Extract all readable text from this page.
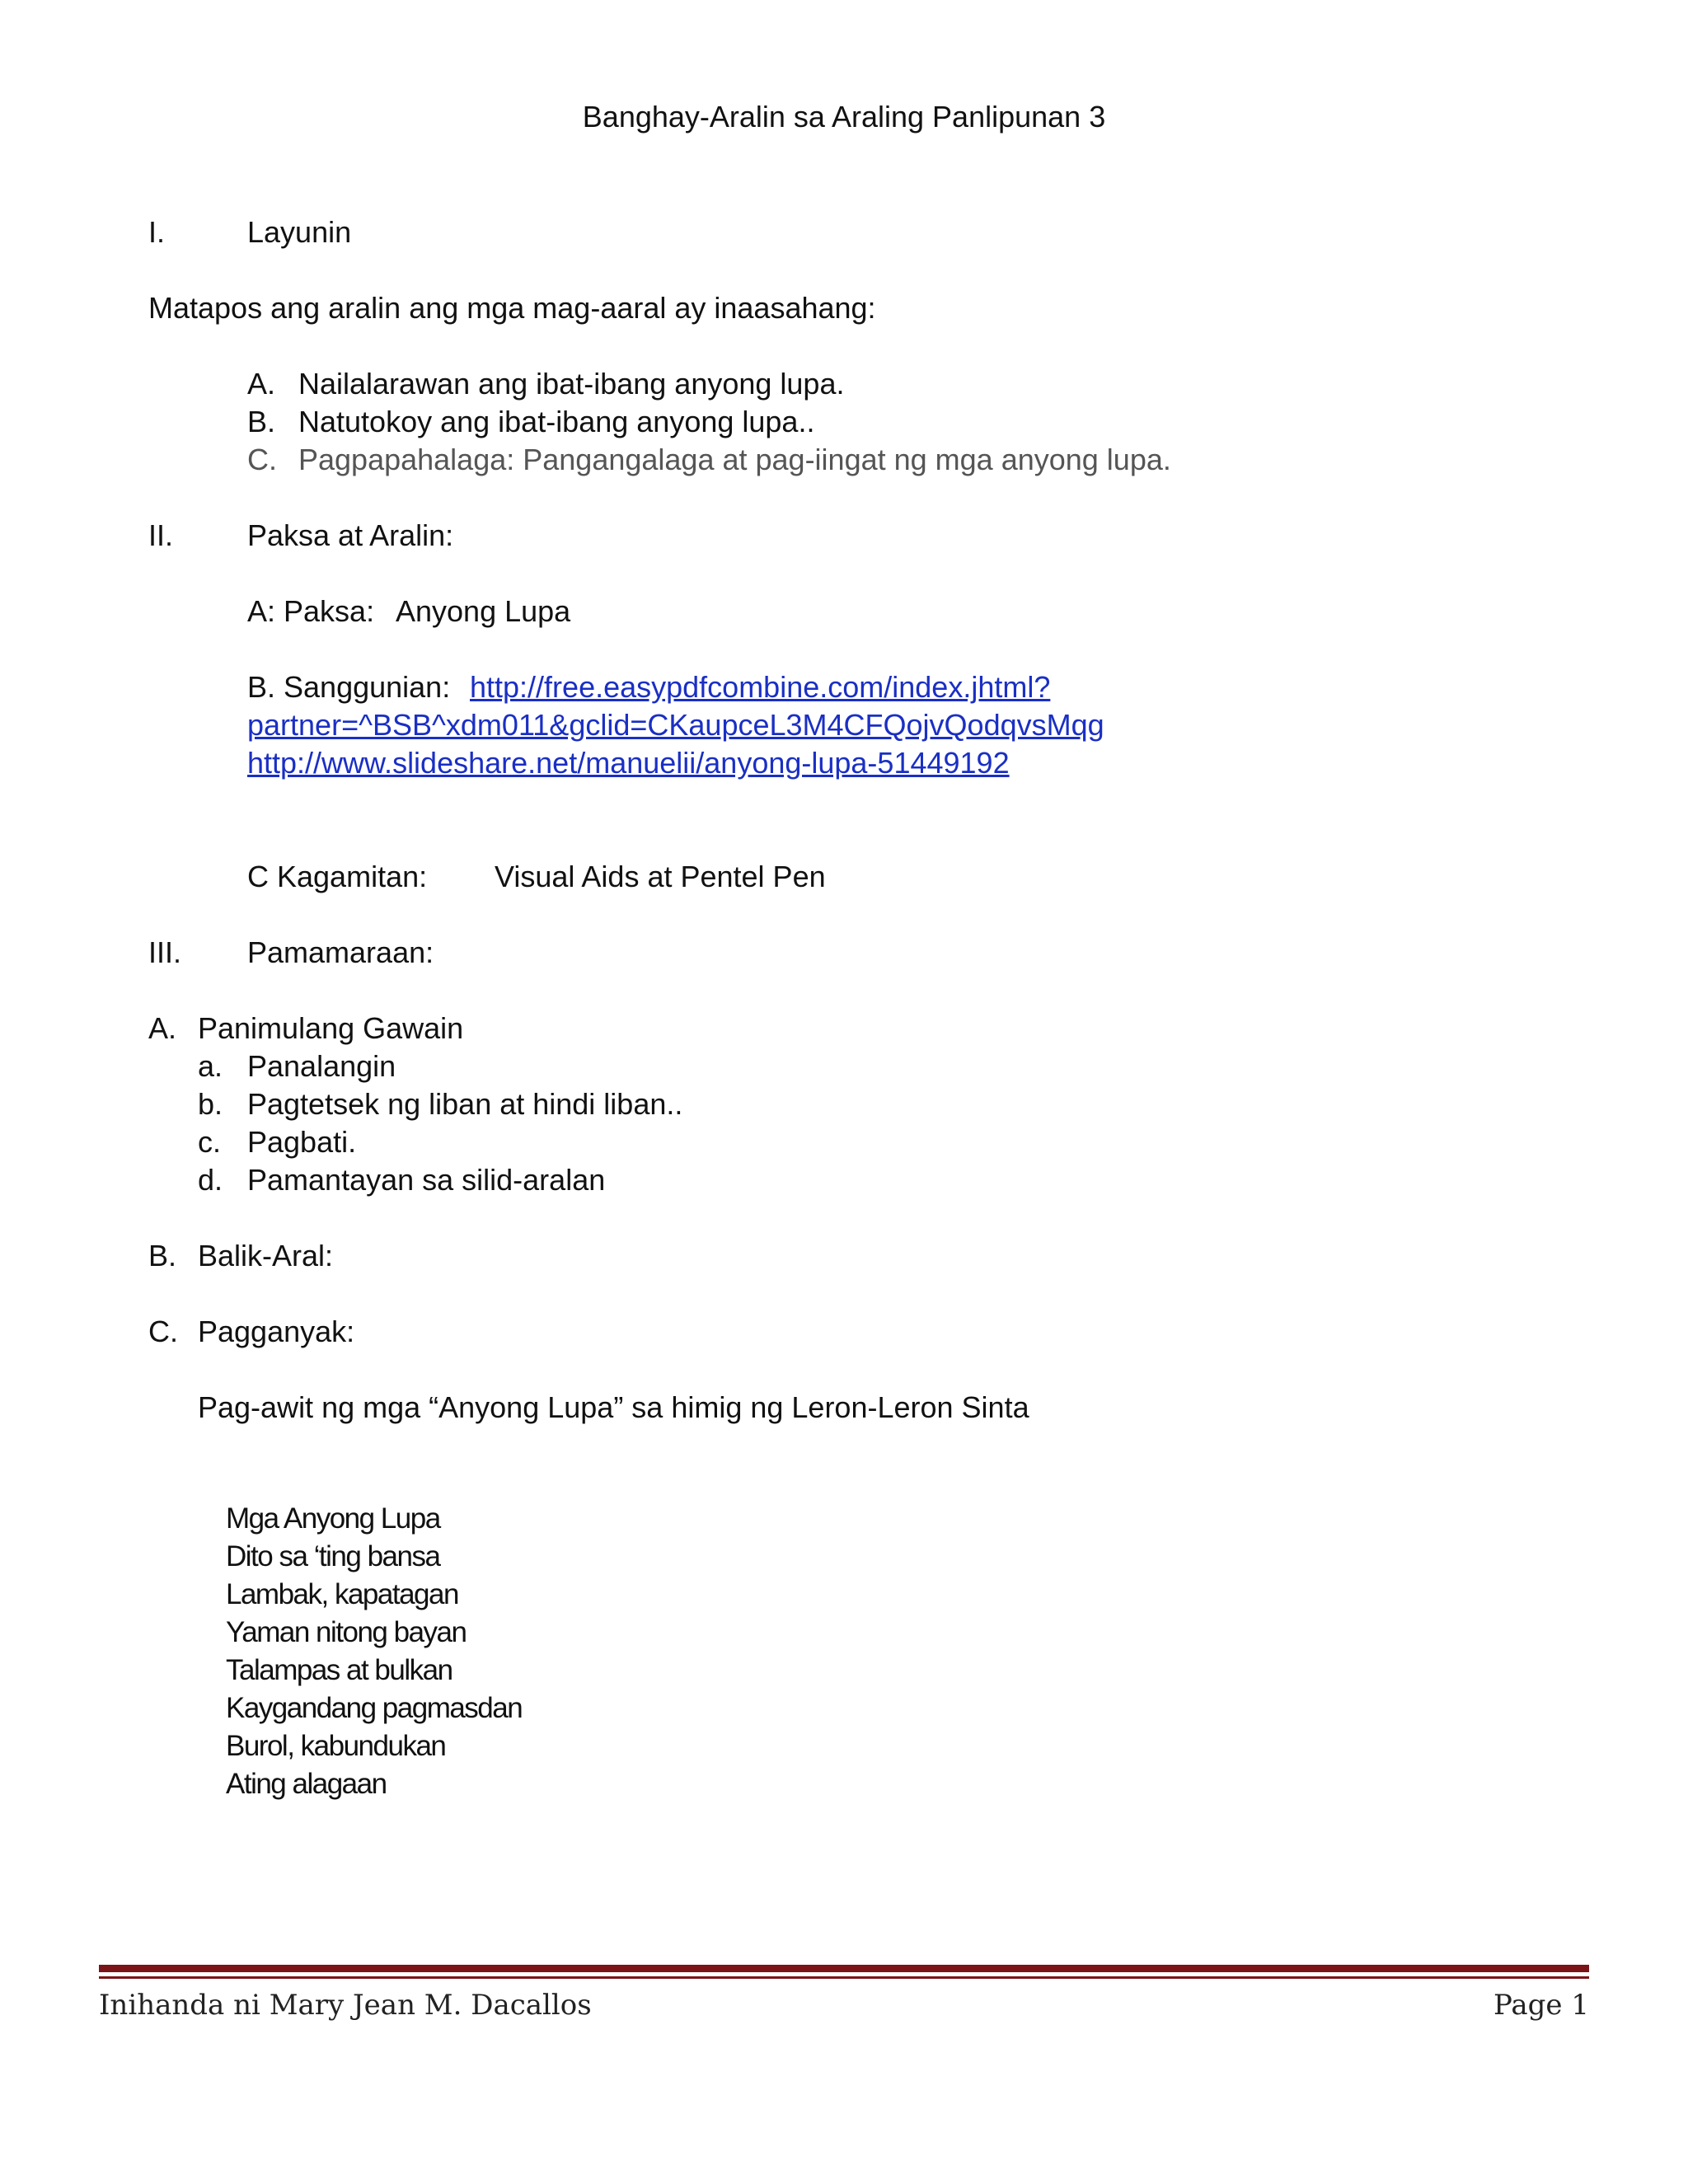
Banghay-Aralin sa Araling Panlipunan 3
I.	Layunin
Matapos ang aralin ang mga mag-aaral ay inaasahang:
A. Nailalarawan ang ibat-ibang anyong lupa.
B. Natutokoy ang ibat-ibang anyong lupa..
C. Pagpapahalaga: Pangangalaga at pag-iingat ng mga anyong lupa.
II. Paksa at Aralin:
A: Paksa: Anyong Lupa
B. Sanggunian: http://free.easypdfcombine.com/index.jhtml?
partner=^BSB^xdm011&gclid=CKaupceL3M4CFQojvQodqvsMqg
http://www.slideshare.net/manuelii/anyong-lupa-51449192
C Kagamitan: Visual Aids at Pentel Pen
III. Pamamaraan:
A. Panimulang Gawain
a. Panalangin
b. Pagtetsek ng liban at hindi liban..
c. Pagbati.
d. Pamantayan sa silid-aralan
B. Balik-Aral:
C. Pagganyak:
Pag-awit ng mga “Anyong Lupa” sa himig ng Leron-Leron Sinta
Mga Anyong Lupa
Dito sa ‘ting bansa
Lambak, kapatagan
Yaman nitong bayan
Talampas at bulkan
Kaygandang pagmasdan
Burol, kabundukan
Ating alagaan
Inihanda ni Mary Jean M. Dacallos	Page 1
